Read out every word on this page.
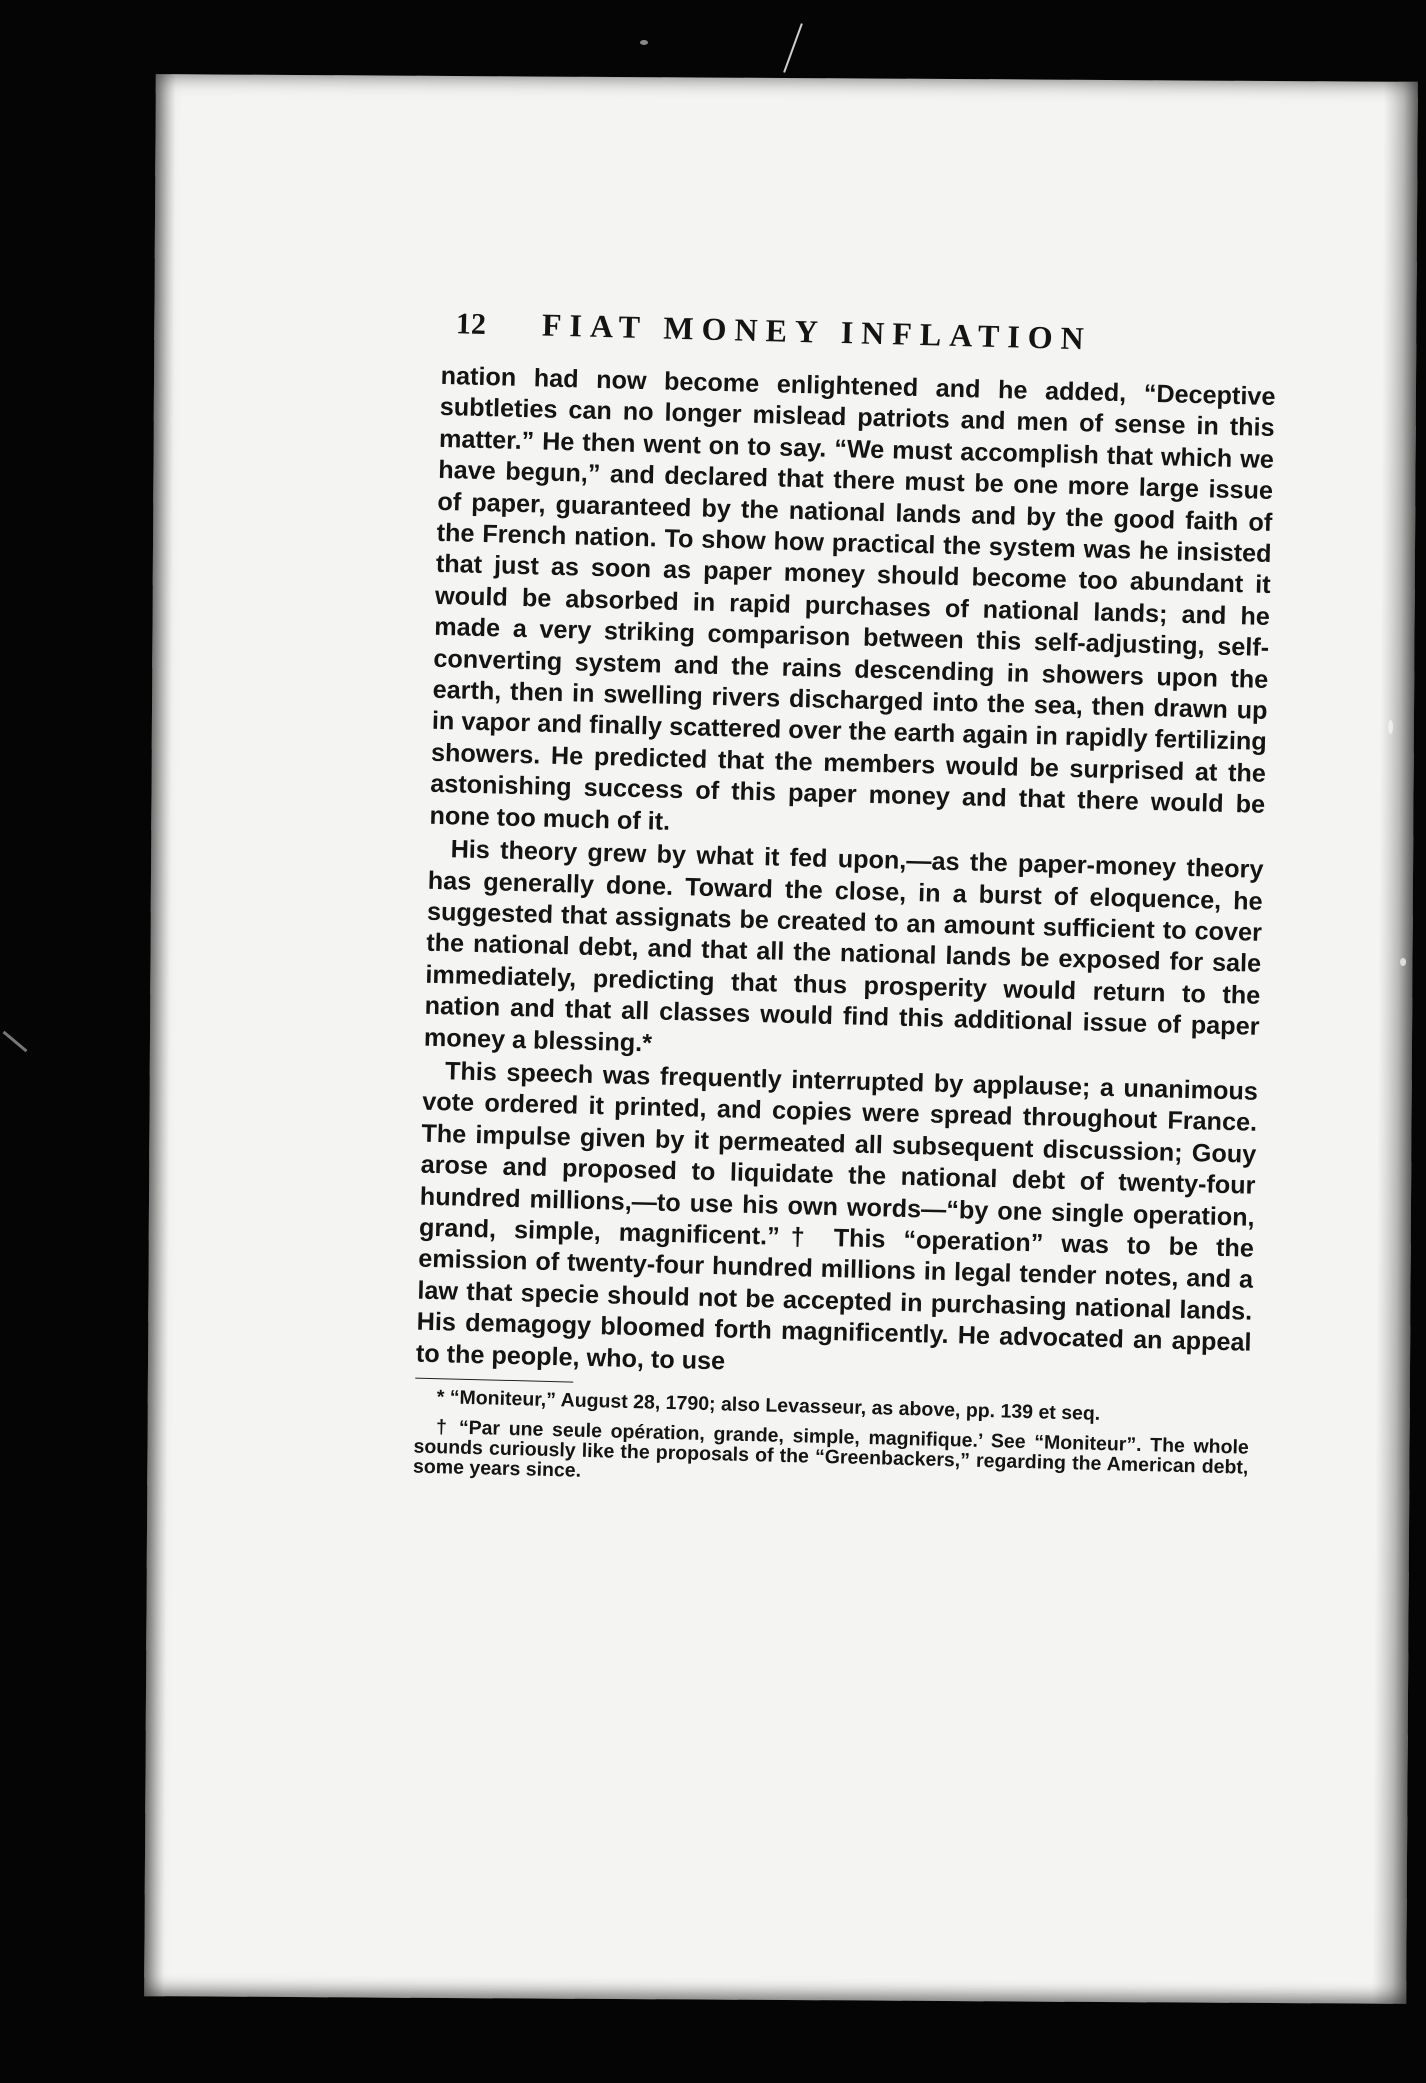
12 FIAT MONEY INFLATION

nation had now become enlightened and he added, “Deceptive subtleties can no longer mislead patriots and men of sense in this matter.” He then went on to say. “We must accomplish that which we have begun,” and declared that there must be one more large issue of paper, guaranteed by the national lands and by the good faith of the French nation. To show how practical the system was he insisted that just as soon as paper money should become too abundant it would be absorbed in rapid purchases of national lands; and he made a very striking comparison between this self-adjusting, self-converting system and the rains descending in showers upon the earth, then in swelling rivers discharged into the sea, then drawn up in vapor and finally scattered over the earth again in rapidly fertilizing showers. He predicted that the members would be surprised at the astonishing success of this paper money and that there would be none too much of it.

His theory grew by what it fed upon,—as the paper-money theory has generally done. Toward the close, in a burst of eloquence, he suggested that assignats be created to an amount sufficient to cover the national debt, and that all the national lands be exposed for sale immediately, predicting that thus prosperity would return to the nation and that all classes would find this additional issue of paper money a blessing.*

This speech was frequently interrupted by applause; a unanimous vote ordered it printed, and copies were spread throughout France. The impulse given by it permeated all subsequent discussion; Gouy arose and proposed to liquidate the national debt of twenty-four hundred millions,—to use his own words—“by one single operation, grand, simple, magnificent.”† This “operation” was to be the emission of twenty-four hundred millions in legal tender notes, and a law that specie should not be accepted in purchasing national lands. His demagogy bloomed forth magnificently. He advocated an appeal to the people, who, to use

* “Moniteur,” August 28, 1790; also Levasseur, as above, pp. 139 et seq.

† “Par une seule opération, grande, simple, magnifique.’ See “Moniteur”. The whole sounds curiously like the proposals of the “Greenbackers,” regarding the American debt, some years since.
